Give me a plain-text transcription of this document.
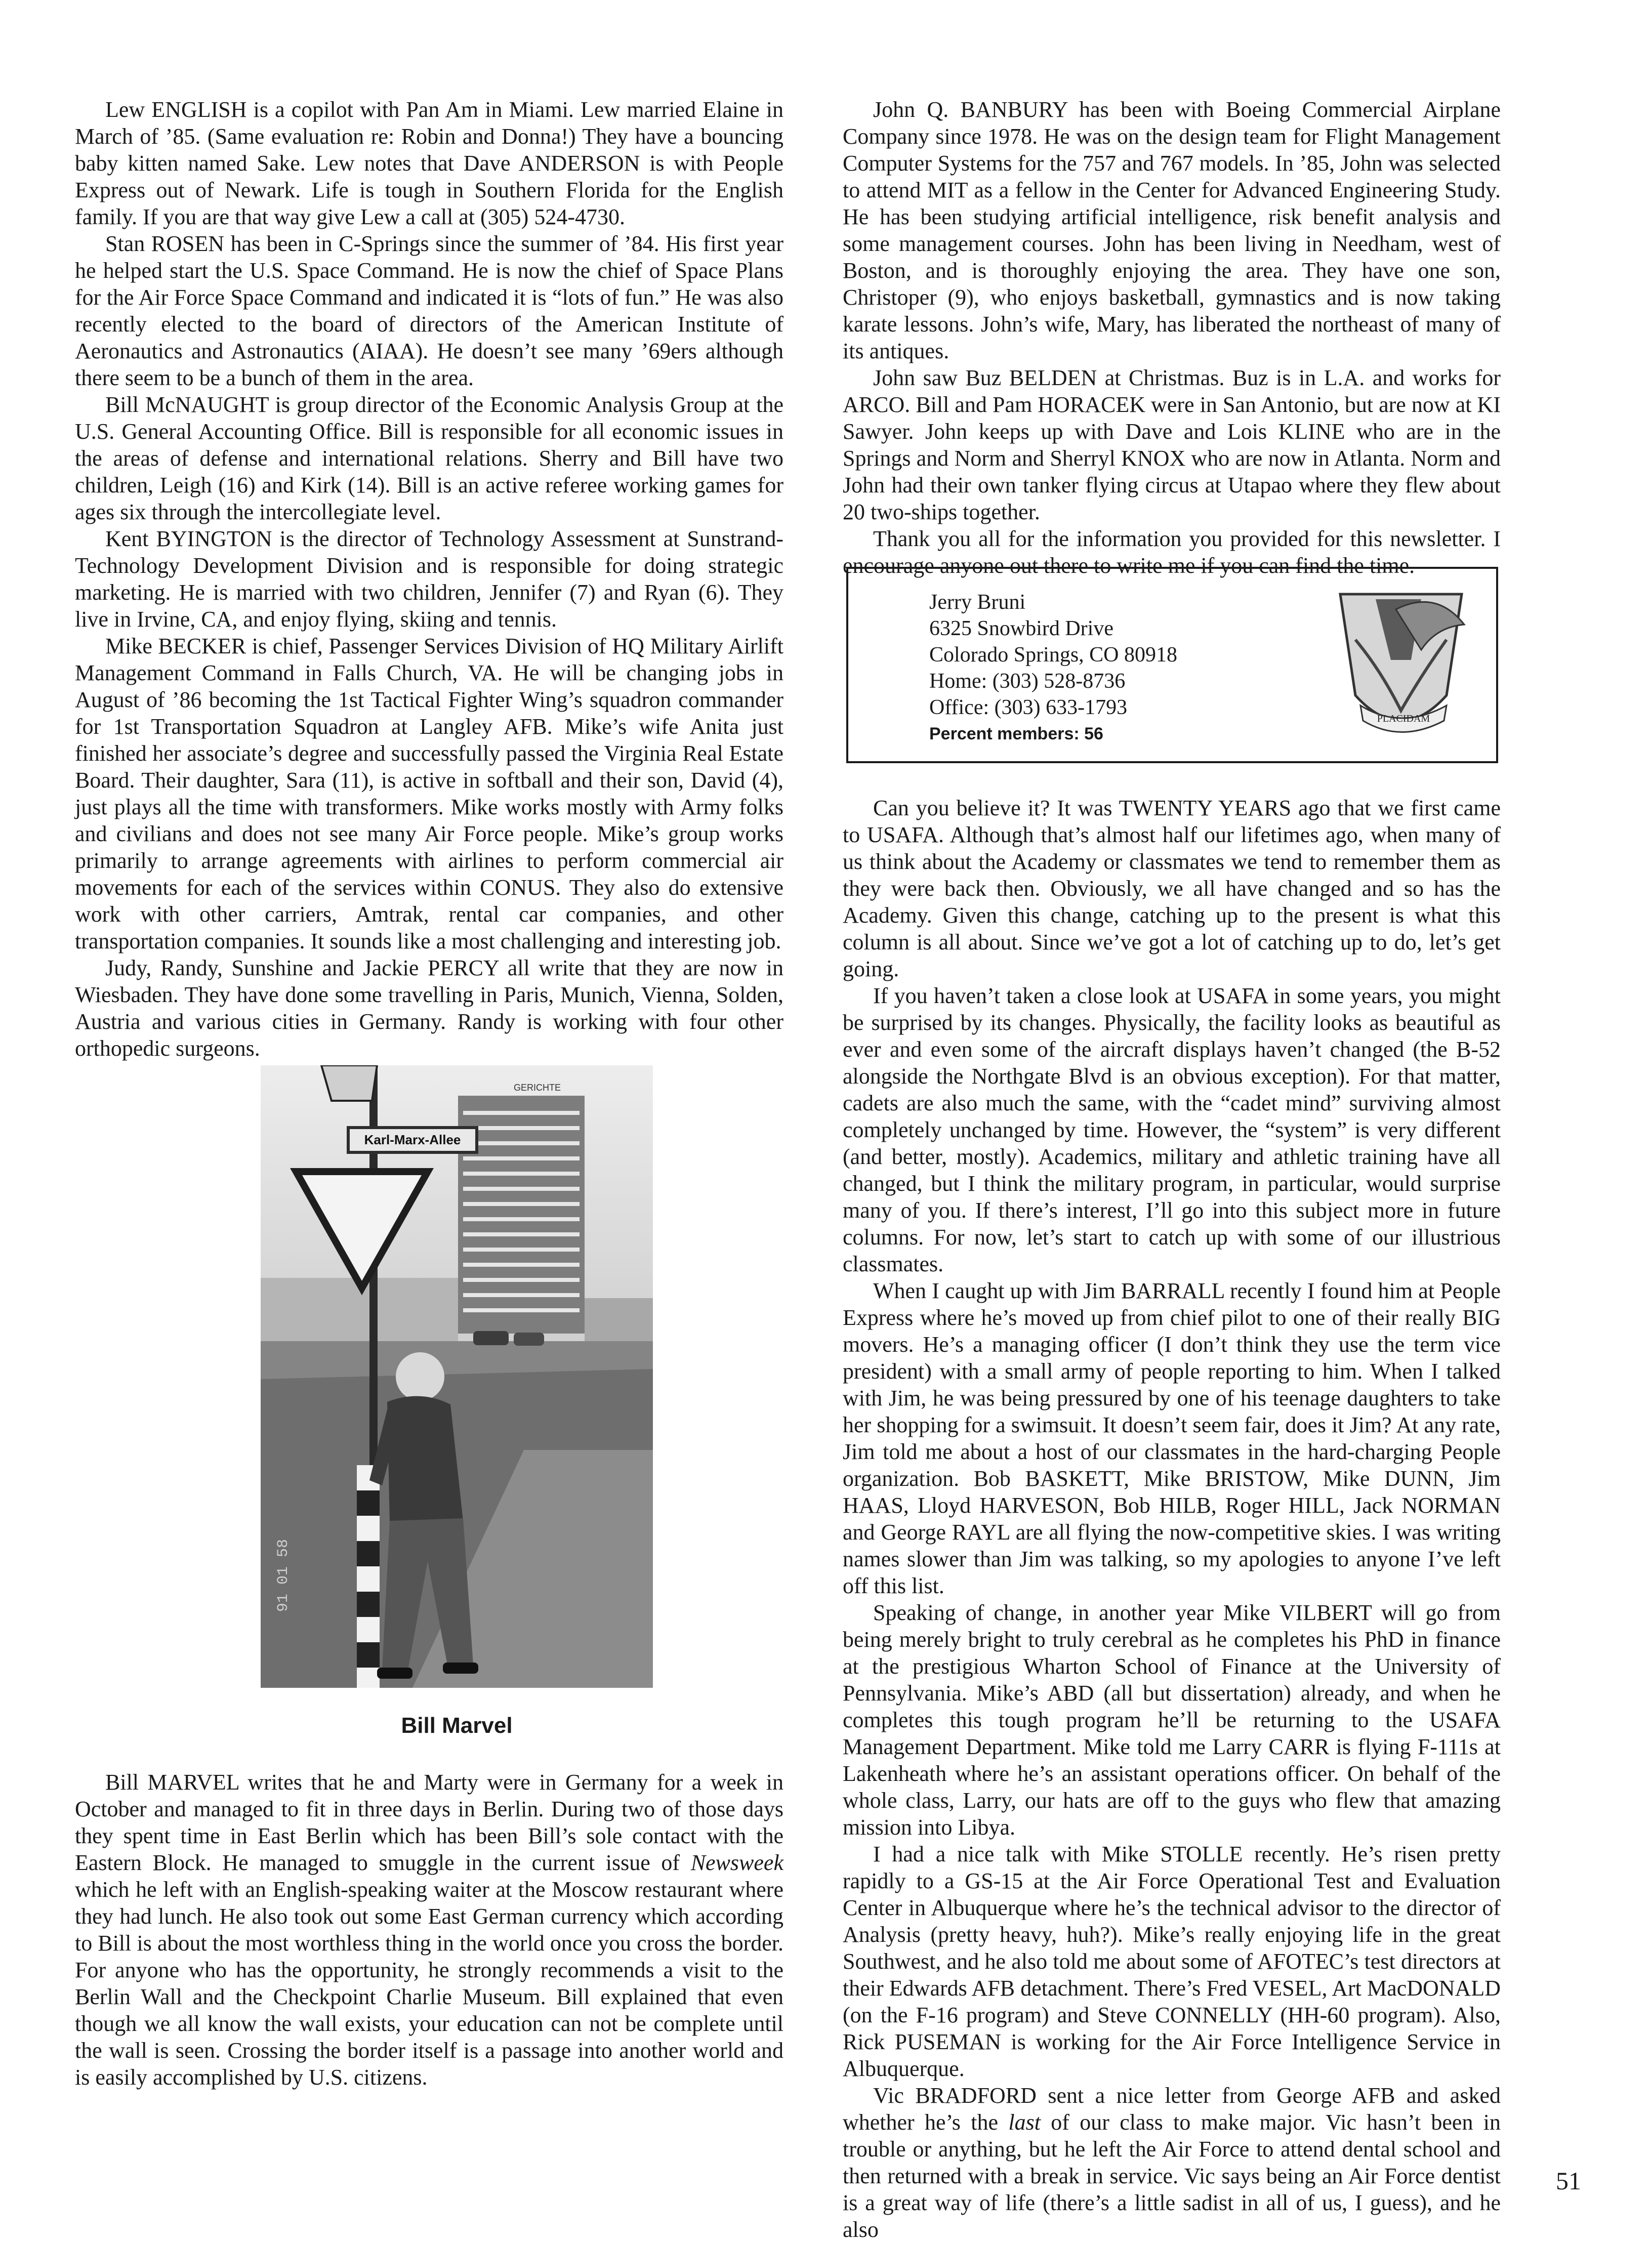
Lew ENGLISH is a copilot with Pan Am in Miami. Lew married Elaine in March of ’85. (Same evaluation re: Robin and Donna!) They have a bouncing baby kitten named Sake. Lew notes that Dave ANDERSON is with People Express out of Newark. Life is tough in Southern Florida for the English family. If you are that way give Lew a call at (305) 524-4730.

Stan ROSEN has been in C-Springs since the summer of ’84. His first year he helped start the U.S. Space Command. He is now the chief of Space Plans for the Air Force Space Command and indicated it is “lots of fun.” He was also recently elected to the board of directors of the American Institute of Aeronautics and Astronautics (AIAA). He doesn’t see many ’69ers although there seem to be a bunch of them in the area.

Bill McNAUGHT is group director of the Economic Analysis Group at the U.S. General Accounting Office. Bill is responsible for all economic issues in the areas of defense and international relations. Sherry and Bill have two children, Leigh (16) and Kirk (14). Bill is an active referee working games for ages six through the intercollegiate level.

Kent BYINGTON is the director of Technology Assessment at Sunstrand-Technology Development Division and is responsible for doing strategic marketing. He is married with two children, Jennifer (7) and Ryan (6). They live in Irvine, CA, and enjoy flying, skiing and tennis.

Mike BECKER is chief, Passenger Services Division of HQ Military Airlift Management Command in Falls Church, VA. He will be changing jobs in August of ’86 becoming the 1st Tactical Fighter Wing’s squadron commander for 1st Transportation Squadron at Langley AFB. Mike’s wife Anita just finished her associate’s degree and successfully passed the Virginia Real Estate Board. Their daughter, Sara (11), is active in softball and their son, David (4), just plays all the time with transformers. Mike works mostly with Army folks and civilians and does not see many Air Force people. Mike’s group works primarily to arrange agreements with airlines to perform commercial air movements for each of the services within CONUS. They also do extensive work with other carriers, Amtrak, rental car companies, and other transportation companies. It sounds like a most challenging and interesting job.

Judy, Randy, Sunshine and Jackie PERCY all write that they are now in Wiesbaden. They have done some travelling in Paris, Munich, Vienna, Solden, Austria and various cities in Germany. Randy is working with four other orthopedic surgeons.

GERICHTE
Karl-Marx-Allee
91 01 58
Bill Marvel

Bill MARVEL writes that he and Marty were in Germany for a week in October and managed to fit in three days in Berlin. During two of those days they spent time in East Berlin which has been Bill’s sole contact with the Eastern Block. He managed to smuggle in the current issue of Newsweek which he left with an English-speaking waiter at the Moscow restaurant where they had lunch. He also took out some East German currency which according to Bill is about the most worthless thing in the world once you cross the border. For anyone who has the opportunity, he strongly recommends a visit to the Berlin Wall and the Checkpoint Charlie Museum. Bill explained that even though we all know the wall exists, your education can not be complete until the wall is seen. Crossing the border itself is a passage into another world and is easily accomplished by U.S. citizens.

John Q. BANBURY has been with Boeing Commercial Airplane Company since 1978. He was on the design team for Flight Management Computer Systems for the 757 and 767 models. In ’85, John was selected to attend MIT as a fellow in the Center for Advanced Engineering Study. He has been studying artificial intelligence, risk benefit analysis and some management courses. John has been living in Needham, west of Boston, and is thoroughly enjoying the area. They have one son, Christoper (9), who enjoys basketball, gymnastics and is now taking karate lessons. John’s wife, Mary, has liberated the northeast of many of its antiques.

John saw Buz BELDEN at Christmas. Buz is in L.A. and works for ARCO. Bill and Pam HORACEK were in San Antonio, but are now at KI Sawyer. John keeps up with Dave and Lois KLINE who are in the Springs and Norm and Sherryl KNOX who are now in Atlanta. Norm and John had their own tanker flying circus at Utapao where they flew about 20 two-ships together.

Thank you all for the information you provided for this newsletter. I encourage anyone out there to write me if you can find the time.

Jerry Bruni
6325 Snowbird Drive
Colorado Springs, CO 80918
Home: (303) 528-8736
Office: (303) 633-1793
Percent members: 56
PLACIDAM

Can you believe it? It was TWENTY YEARS ago that we first came to USAFA. Although that’s almost half our lifetimes ago, when many of us think about the Academy or classmates we tend to remember them as they were back then. Obviously, we all have changed and so has the Academy. Given this change, catching up to the present is what this column is all about. Since we’ve got a lot of catching up to do, let’s get going.

If you haven’t taken a close look at USAFA in some years, you might be surprised by its changes. Physically, the facility looks as beautiful as ever and even some of the aircraft displays haven’t changed (the B-52 alongside the Northgate Blvd is an obvious exception). For that matter, cadets are also much the same, with the “cadet mind” surviving almost completely unchanged by time. However, the “system” is very different (and better, mostly). Academics, military and athletic training have all changed, but I think the military program, in particular, would surprise many of you. If there’s interest, I’ll go into this subject more in future columns. For now, let’s start to catch up with some of our illustrious classmates.

When I caught up with Jim BARRALL recently I found him at People Express where he’s moved up from chief pilot to one of their really BIG movers. He’s a managing officer (I don’t think they use the term vice president) with a small army of people reporting to him. When I talked with Jim, he was being pressured by one of his teenage daughters to take her shopping for a swimsuit. It doesn’t seem fair, does it Jim? At any rate, Jim told me about a host of our classmates in the hard-charging People organization. Bob BASKETT, Mike BRISTOW, Mike DUNN, Jim HAAS, Lloyd HARVESON, Bob HILB, Roger HILL, Jack NORMAN and George RAYL are all flying the now-competitive skies. I was writing names slower than Jim was talking, so my apologies to anyone I’ve left off this list.

Speaking of change, in another year Mike VILBERT will go from being merely bright to truly cerebral as he completes his PhD in finance at the prestigious Wharton School of Finance at the University of Pennsylvania. Mike’s ABD (all but dissertation) already, and when he completes this tough program he’ll be returning to the USAFA Management Department. Mike told me Larry CARR is flying F-111s at Lakenheath where he’s an assistant operations officer. On behalf of the whole class, Larry, our hats are off to the guys who flew that amazing mission into Libya.

I had a nice talk with Mike STOLLE recently. He’s risen pretty rapidly to a GS-15 at the Air Force Operational Test and Evaluation Center in Albuquerque where he’s the technical advisor to the director of Analysis (pretty heavy, huh?). Mike’s really enjoying life in the great Southwest, and he also told me about some of AFOTEC’s test directors at their Edwards AFB detachment. There’s Fred VESEL, Art MacDONALD (on the F-16 program) and Steve CONNELLY (HH-60 program). Also, Rick PUSEMAN is working for the Air Force Intelligence Service in Albuquerque.

Vic BRADFORD sent a nice letter from George AFB and asked whether he’s the last of our class to make major. Vic hasn’t been in trouble or anything, but he left the Air Force to attend dental school and then returned with a break in service. Vic says being an Air Force dentist is a great way of life (there’s a little sadist in all of us, I guess), and he also

51
